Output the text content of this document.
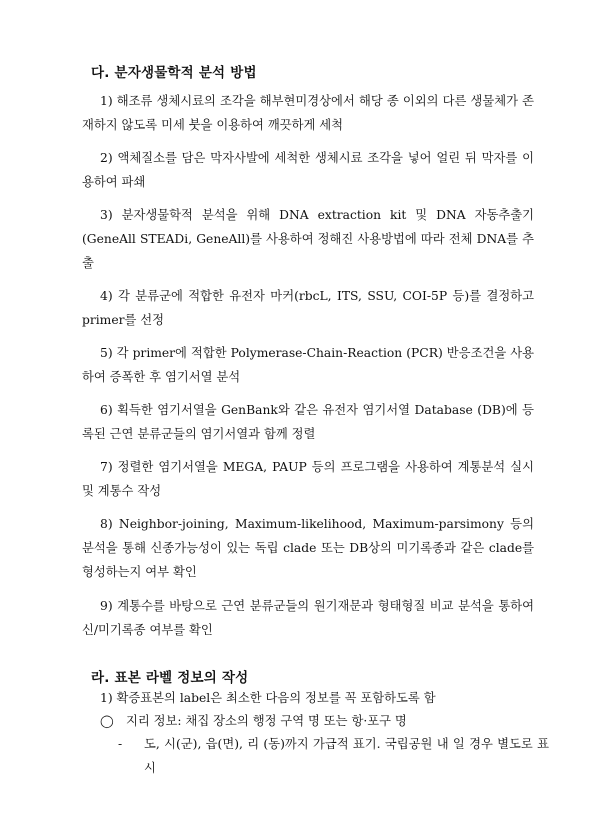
다. 분자생물학적 분석 방법
1) 해조류 생체시료의 조각을 해부현미경상에서 해당 종 이외의 다른 생물체가 존재하지 않도록 미세 붓을 이용하여 깨끗하게 세척
2) 액체질소를 담은 막자사발에 세척한 생체시료 조각을 넣어 얼린 뒤 막자를 이용하여 파쇄
3) 분자생물학적 분석을 위해 DNA extraction kit 및 DNA 자동추출기(GeneAll STEADi, GeneAll)를 사용하여 정해진 사용방법에 따라 전체 DNA를 추출
4) 각 분류군에 적합한 유전자 마커(rbcL, ITS, SSU, COI-5P 등)를 결정하고 primer를 선정
5) 각 primer에 적합한 Polymerase-Chain-Reaction (PCR) 반응조건을 사용하여 증폭한 후 염기서열 분석
6) 획득한 염기서열을 GenBank와 같은 유전자 염기서열 Database (DB)에 등록된 근연 분류군들의 염기서열과 함께 정렬
7) 정렬한 염기서열을 MEGA, PAUP 등의 프로그램을 사용하여 계통분석 실시 및 계통수 작성
8) Neighbor-joining, Maximum-likelihood, Maximum-parsimony 등의 분석을 통해 신종가능성이 있는 독립 clade 또는 DB상의 미기록종과 같은 clade를 형성하는지 여부 확인
9) 계통수를 바탕으로 근연 분류군들의 원기재문과 형태형질 비교 분석을 통하여 신/미기록종 여부를 확인
라. 표본 라벨 정보의 작성
1) 확증표본의 label은 최소한 다음의 정보를 꼭 포함하도록 함
◯ 지리 정보: 채집 장소의 행정 구역 명 또는 항·포구 명
- 도, 시(군), 읍(면), 리 (동)까지 가급적 표기. 국립공원 내 일 경우 별도로 표시
